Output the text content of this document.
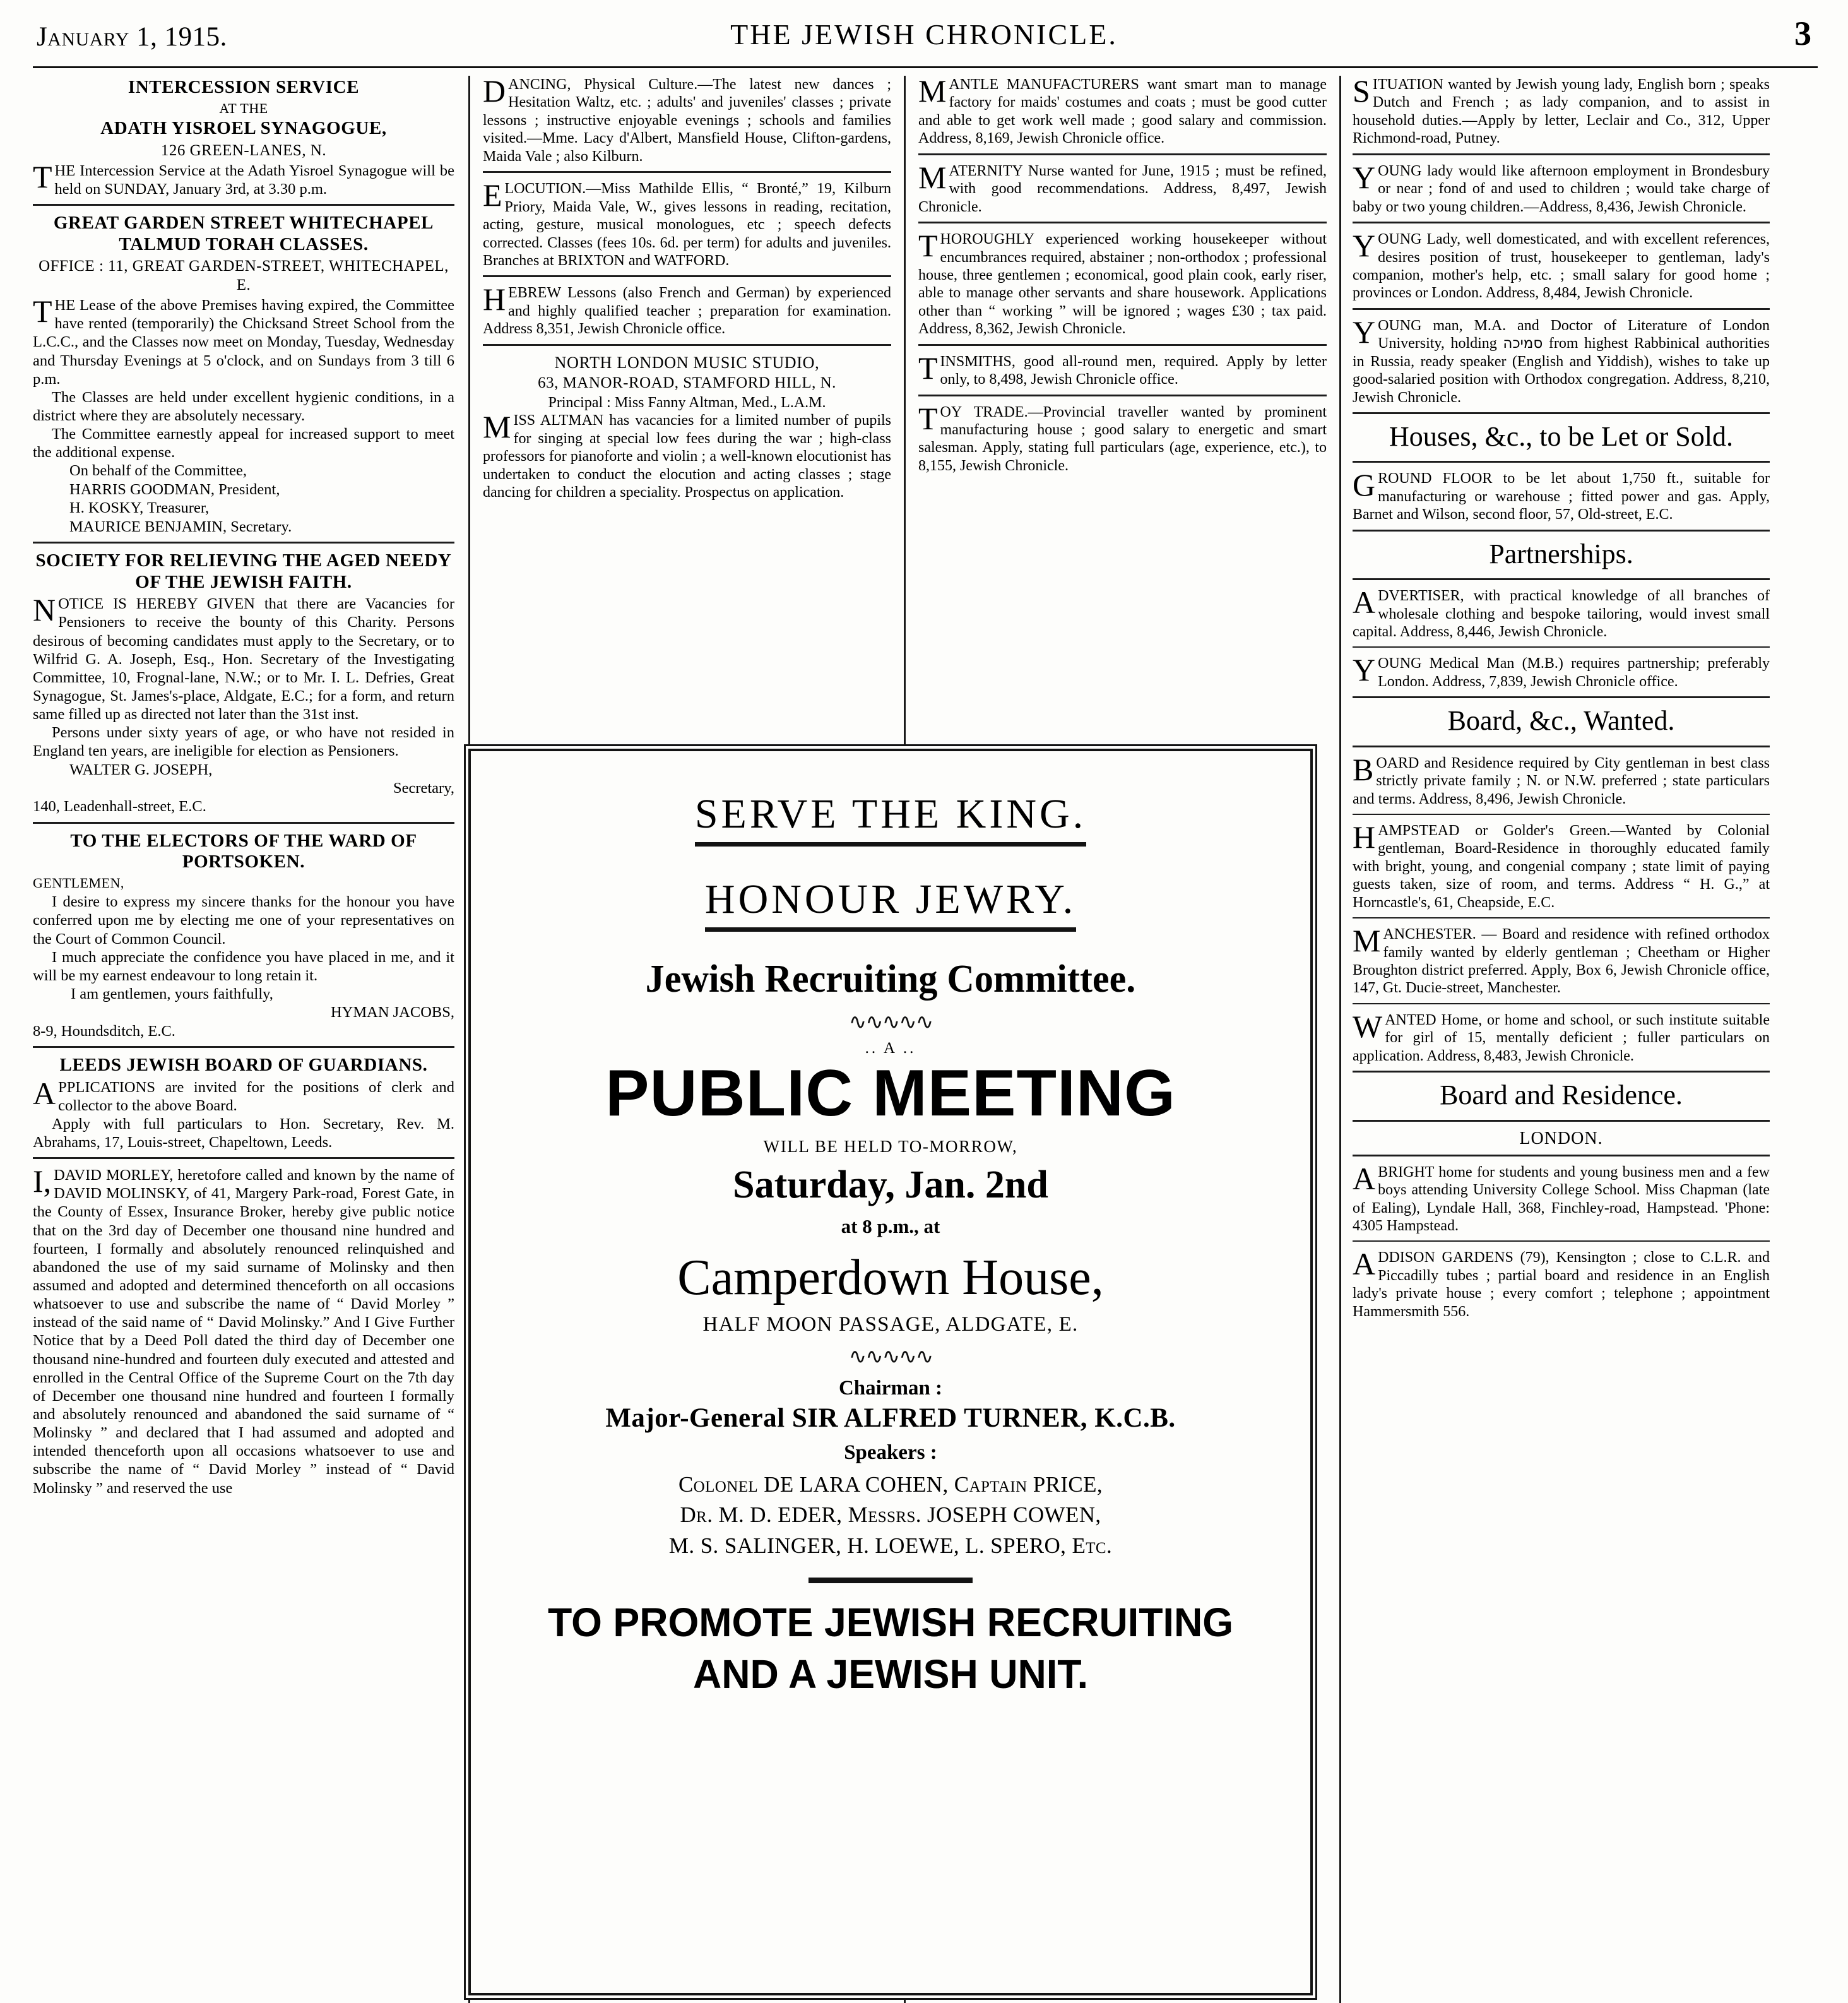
January 1, 1915.	THE JEWISH CHRONICLE.	3
INTERCESSION SERVICE
AT THE
ADATH YISROEL SYNAGOGUE,
126 GREEN-LANES, N.

THE Intercession Service at the Adath Yisroel Synagogue will be held on SUNDAY, January 3rd, at 3.30 p.m.

GREAT GARDEN STREET WHITECHAPEL TALMUD TORAH CLASSES.
OFFICE : 11, GREAT GARDEN-STREET, WHITECHAPEL, E.

THE Lease of the above Premises having expired, the Committee have rented (temporarily) the Chicksand Street School from the L.C.C., and the Classes now meet on Monday, Tuesday, Wednesday and Thursday Evenings at 5 o'clock, and on Sundays from 3 till 6 p.m.

The Classes are held under excellent hygienic conditions, in a district where they are absolutely necessary.

The Committee earnestly appeal for increased support to meet the additional expense.

On behalf of the Committee,
HARRIS GOODMAN, President,
H. KOSKY, Treasurer,
MAURICE BENJAMIN, Secretary.
SOCIETY FOR RELIEVING THE AGED NEEDY OF THE JEWISH FAITH.

NOTICE IS HEREBY GIVEN that there are Vacancies for Pensioners to receive the bounty of this Charity. Persons desirous of becoming candidates must apply to the Secretary, or to Wilfrid G. A. Joseph, Esq., Hon. Secretary of the Investigating Committee, 10, Frognal-lane, N.W.; or to Mr. I. L. Defries, Great Synagogue, St. James's-place, Aldgate, E.C.; for a form, and return same filled up as directed not later than the 31st inst.

Persons under sixty years of age, or who have not resided in England ten years, are ineligible for election as Pensioners.

WALTER G. JOSEPH,
Secretary,
140, Leadenhall-street, E.C.
TO THE ELECTORS OF THE WARD OF PORTSOKEN.
GENTLEMEN,

I desire to express my sincere thanks for the honour you have conferred upon me by electing me one of your representatives on the Court of Common Council.

I much appreciate the confidence you have placed in me, and it will be my earnest endeavour to long retain it.

I am gentlemen, yours faithfully,

HYMAN JACOBS,
8-9, Houndsditch, E.C.
LEEDS JEWISH BOARD OF GUARDIANS.

APPLICATIONS are invited for the positions of clerk and collector to the above Board.

Apply with full particulars to Hon. Secretary, Rev. M. Abrahams, 17, Louis-street, Chapeltown, Leeds.

I,DAVID MORLEY, heretofore called and known by the name of DAVID MOLINSKY, of 41, Margery Park-road, Forest Gate, in the County of Essex, Insurance Broker, hereby give public notice that on the 3rd day of December one thousand nine hundred and fourteen, I formally and absolutely renounced relinquished and abandoned the use of my said surname of Molinsky and then assumed and adopted and determined thenceforth on all occasions whatsoever to use and subscribe the name of “ David Morley ” instead of the said name of “ David Molinsky.” And I Give Further Notice that by a Deed Poll dated the third day of December one thousand nine-hundred and fourteen duly executed and attested and enrolled in the Central Office of the Supreme Court on the 7th day of December one thousand nine hundred and fourteen I formally and absolutely renounced and abandoned the said surname of “ Molinsky ” and declared that I had assumed and adopted and intended thenceforth upon all occasions whatsoever to use and subscribe the name of “ David Morley ” instead of “ David Molinsky ” and reserved the use

DANCING, Physical Culture.—The latest new dances ; Hesitation Waltz, etc. ; adults' and juveniles' classes ; private lessons ; instructive enjoyable evenings ; schools and families visited.—Mme. Lacy d'Albert, Mansfield House, Clifton-gardens, Maida Vale ; also Kilburn.

ELOCUTION.—Miss Mathilde Ellis, “ Bronté,” 19, Kilburn Priory, Maida Vale, W., gives lessons in reading, recitation, acting, gesture, musical monologues, etc ; speech defects corrected. Classes (fees 10s. 6d. per term) for adults and juveniles. Branches at BRIXTON and WATFORD.

HEBREW Lessons (also French and German) by experienced and highly qualified teacher ; preparation for examination. Address 8,351, Jewish Chronicle office.

NORTH LONDON MUSIC STUDIO,
63, MANOR-ROAD, STAMFORD HILL, N.
Principal : Miss Fanny Altman, Med., L.A.M.

MISS ALTMAN has vacancies for a limited number of pupils for singing at special low fees during the war ; high-class professors for pianoforte and violin ; a well-known elocutionist has undertaken to conduct the elocution and acting classes ; stage dancing for children a speciality. Prospectus on application.

MANTLE MANUFACTURERS want smart man to manage factory for maids' costumes and coats ; must be good cutter and able to get work well made ; good salary and commission. Address, 8,169, Jewish Chronicle office.

MATERNITY Nurse wanted for June, 1915 ; must be refined, with good recommendations. Address, 8,497, Jewish Chronicle.

THOROUGHLY experienced working housekeeper without encumbrances required, abstainer ; non-orthodox ; professional house, three gentlemen ; economical, good plain cook, early riser, able to manage other servants and share housework. Applications other than “ working ” will be ignored ; wages £30 ; tax paid. Address, 8,362, Jewish Chronicle.

TINSMITHS, good all-round men, required. Apply by letter only, to 8,498, Jewish Chronicle office.

TOY TRADE.—Provincial traveller wanted by prominent manufacturing house ; good salary to energetic and smart salesman. Apply, stating full particulars (age, experience, etc.), to 8,155, Jewish Chronicle.

SITUATION wanted by Jewish young lady, English born ; speaks Dutch and French ; as lady companion, and to assist in household duties.—Apply by letter, Leclair and Co., 312, Upper Richmond-road, Putney.

YOUNG lady would like afternoon employment in Brondesbury or near ; fond of and used to children ; would take charge of baby or two young children.—Address, 8,436, Jewish Chronicle.

YOUNG Lady, well domesticated, and with excellent references, desires position of trust, housekeeper to gentleman, lady's companion, mother's help, etc. ; small salary for good home ; provinces or London. Address, 8,484, Jewish Chronicle.

YOUNG man, M.A. and Doctor of Literature of London University, holding סמיכה from highest Rabbinical authorities in Russia, ready speaker (English and Yiddish), wishes to take up good-salaried position with Orthodox congregation. Address, 8,210, Jewish Chronicle.

Houses, &c., to be Let or Sold.

GROUND FLOOR to be let about 1,750 ft., suitable for manufacturing or warehouse ; fitted power and gas. Apply, Barnet and Wilson, second floor, 57, Old-street, E.C.

Partnerships.

ADVERTISER, with practical knowledge of all branches of wholesale clothing and bespoke tailoring, would invest small capital. Address, 8,446, Jewish Chronicle.

YOUNG Medical Man (M.B.) requires partnership; preferably London. Address, 7,839, Jewish Chronicle office.

Board, &c., Wanted.

BOARD and Residence required by City gentleman in best class strictly private family ; N. or N.W. preferred ; state particulars and terms. Address, 8,496, Jewish Chronicle.

HAMPSTEAD or Golder's Green.—Wanted by Colonial gentleman, Board-Residence in thoroughly educated family with bright, young, and congenial company ; state limit of paying guests taken, size of room, and terms. Address “ H. G.,” at Horncastle's, 61, Cheapside, E.C.

MANCHESTER. — Board and residence with refined orthodox family wanted by elderly gentleman ; Cheetham or Higher Broughton district preferred. Apply, Box 6, Jewish Chronicle office, 147, Gt. Ducie-street, Manchester.

WANTED Home, or home and school, or such institute suitable for girl of 15, mentally deficient ; fuller particulars on application. Address, 8,483, Jewish Chronicle.

Board and Residence.
LONDON.

ABRIGHT home for students and young business men and a few boys attending University College School. Miss Chapman (late of Ealing), Lyndale Hall, 368, Finchley-road, Hampstead. 'Phone: 4305 Hampstead.

ADDISON GARDENS (79), Kensington ; close to C.L.R. and Piccadilly tubes ; partial board and residence in an English lady's private house ; every comfort ; telephone ; appointment Hammersmith 556.

SERVE THE KING.
HONOUR JEWRY.
Jewish Recruiting Committee.
∿∿∿∿∿
.. A ..
PUBLIC MEETING
WILL BE HELD TO-MORROW,
Saturday, Jan. 2nd
at 8 p.m., at
Camperdown House,
HALF MOON PASSAGE, ALDGATE, E.
∿∿∿∿∿
Chairman :
Major-General SIR ALFRED TURNER, K.C.B.
Speakers :
Colonel DE LARA COHEN, Captain PRICE,
Dr. M. D. EDER, Messrs. JOSEPH COWEN,
M. S. SALINGER, H. LOEWE, L. SPERO, Etc.
TO PROMOTE JEWISH RECRUITING
AND A JEWISH UNIT.
